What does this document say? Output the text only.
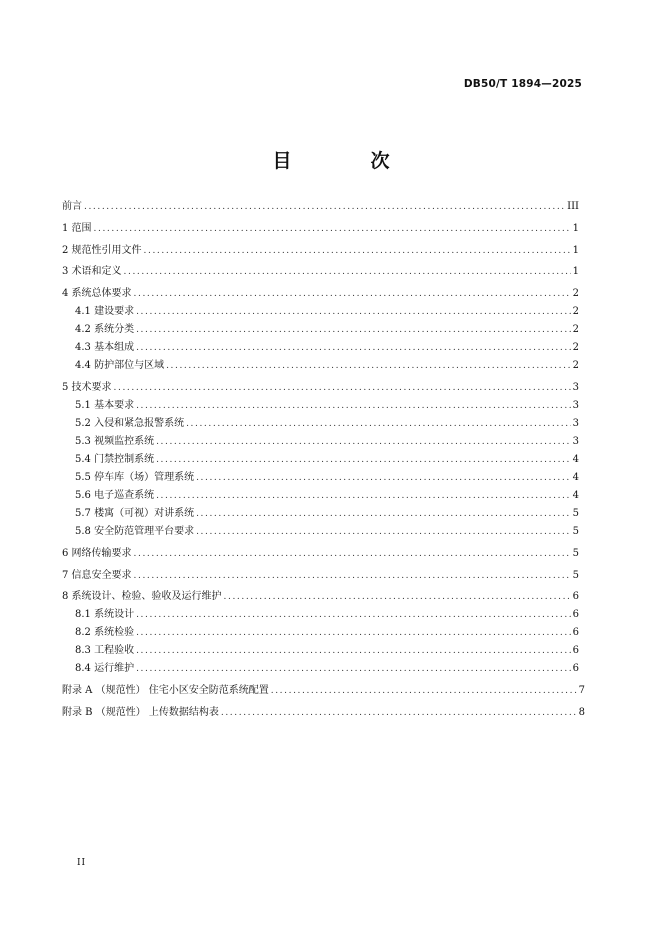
DB50/T 1894—2025
目　次
前言 .....	III
1 范围 .....	1
2 规范性引用文件 .....	1
3 术语和定义 .....	1
4 系统总体要求 .....	2
4.1 建设要求 .....	2
4.2 系统分类 .....	2
4.3 基本组成 .....	2
4.4 防护部位与区域 .....	2
5 技术要求 .....	3
5.1 基本要求 .....	3
5.2 入侵和紧急报警系统 .....	3
5.3 视频监控系统 .....	3
5.4 门禁控制系统 .....	4
5.5 停车库（场）管理系统 .....	4
5.6 电子巡查系统 .....	4
5.7 楼寓（可视）对讲系统 .....	5
5.8 安全防范管理平台要求 .....	5
6 网络传输要求 .....	5
7 信息安全要求 .....	5
8 系统设计、检验、验收及运行维护 .....	6
8.1 系统设计 .....	6
8.2 系统检验 .....	6
8.3 工程验收 .....	6
8.4 运行维护 .....	6
附录 A （规范性） 住宅小区安全防范系统配置 .....	7
附录 B （规范性） 上传数据结构表 .....	8
II
